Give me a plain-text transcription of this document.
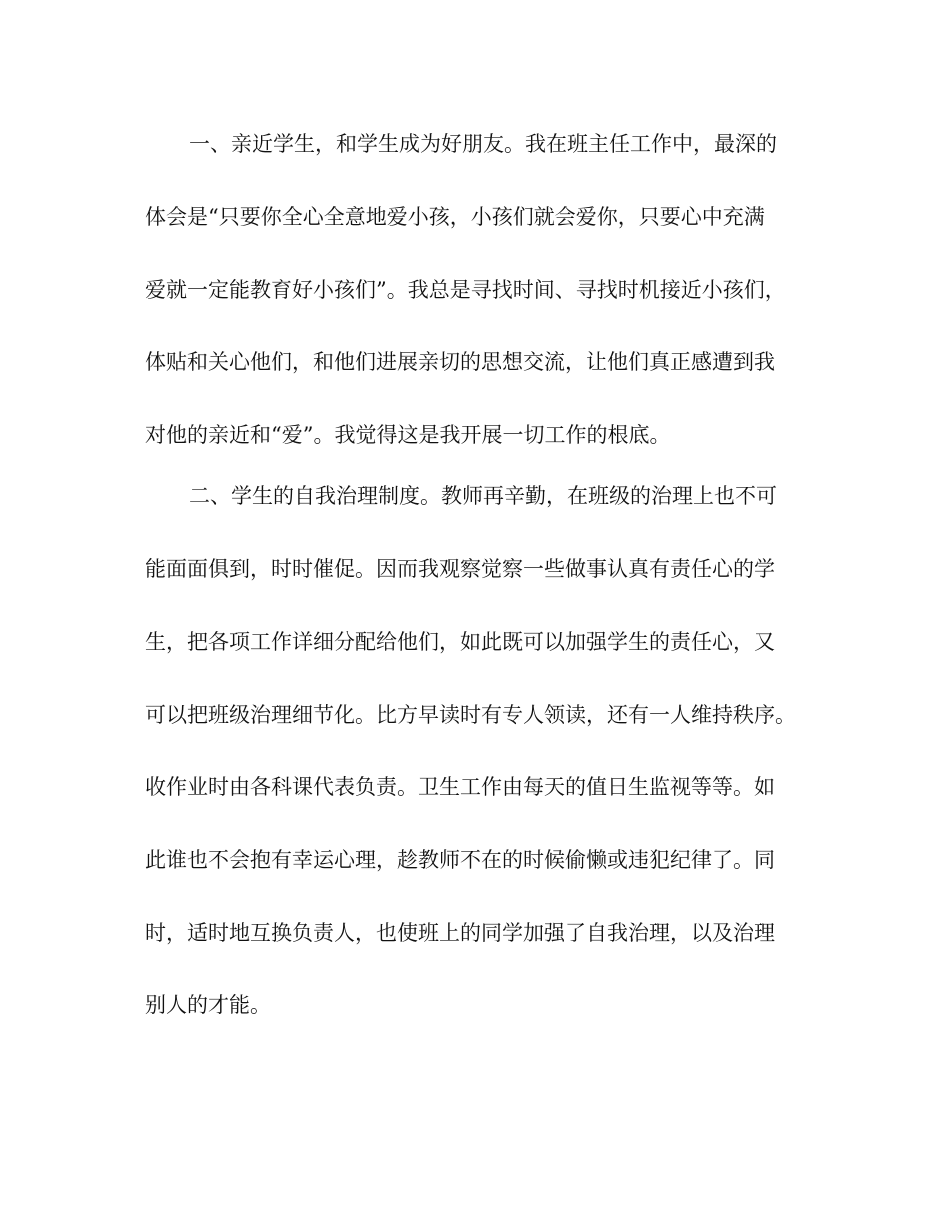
一、亲近学生，和学生成为好朋友。我在班主任工作中，最深的
体会是“只要你全心全意地爱小孩，小孩们就会爱你，只要心中充满
爱就一定能教育好小孩们”。我总是寻找时间、寻找时机接近小孩们，
体贴和关心他们，和他们进展亲切的思想交流，让他们真正感遭到我
对他的亲近和“爱”。我觉得这是我开展一切工作的根底。
二、学生的自我治理制度。教师再辛勤，在班级的治理上也不可
能面面俱到，时时催促。因而我观察觉察一些做事认真有责任心的学
生，把各项工作详细分配给他们，如此既可以加强学生的责任心，又
可以把班级治理细节化。比方早读时有专人领读，还有一人维持秩序。
收作业时由各科课代表负责。卫生工作由每天的值日生监视等等。如
此谁也不会抱有幸运心理，趁教师不在的时候偷懒或违犯纪律了。同
时，适时地互换负责人，也使班上的同学加强了自我治理，以及治理
别人的才能。
